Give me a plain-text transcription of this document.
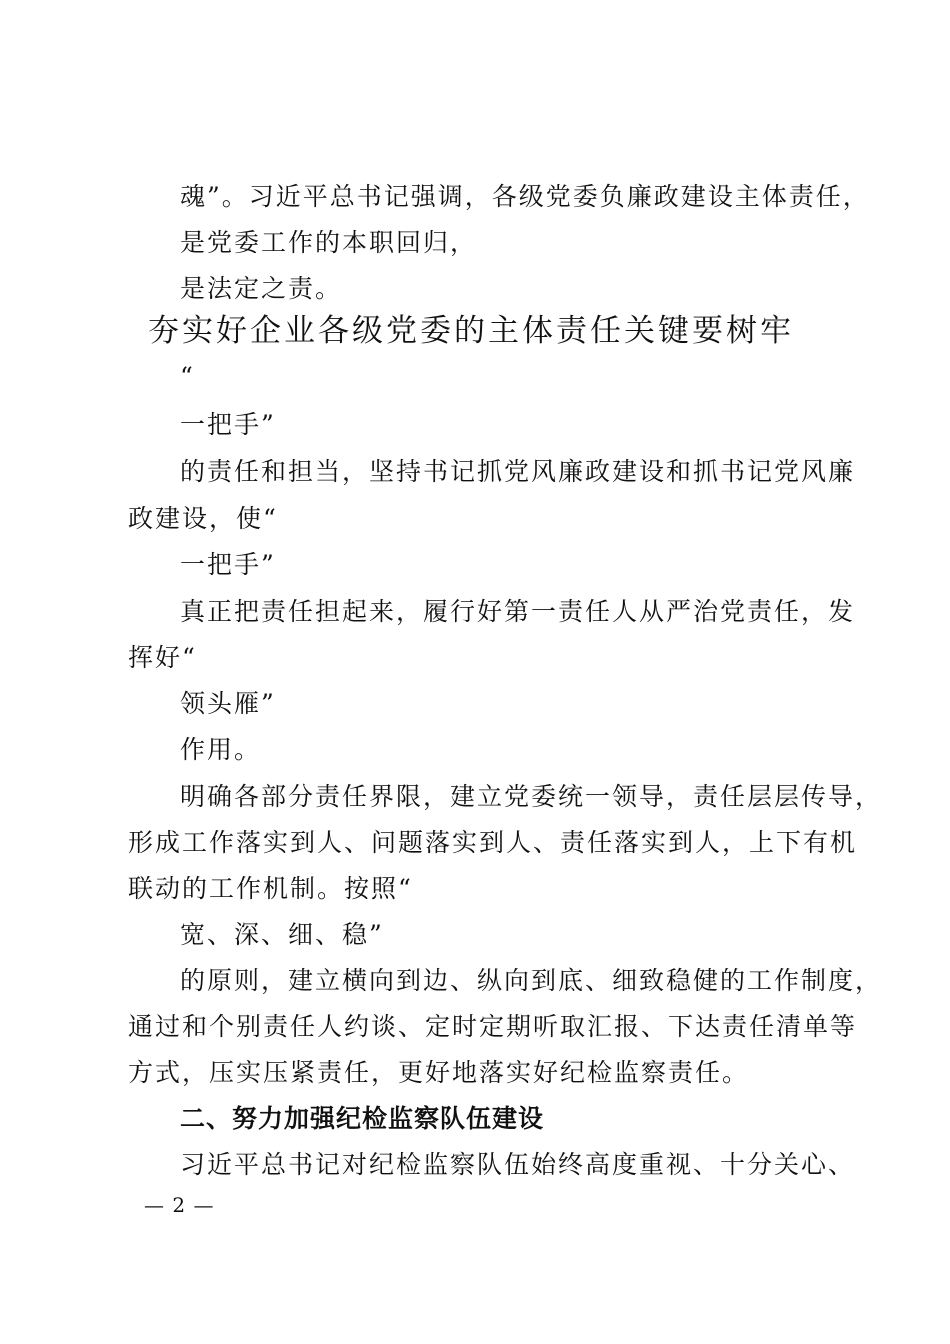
魂”。习近平总书记强调，各级党委负廉政建设主体责任，
是党委工作的本职回归，
是法定之责。
夯实好企业各级党委的主体责任关键要树牢
“
一把手”
的责任和担当，坚持书记抓党风廉政建设和抓书记党风廉
政建设，使“
一把手”
真正把责任担起来，履行好第一责任人从严治党责任，发
挥好“
领头雁”
作用。
明确各部分责任界限，建立党委统一领导，责任层层传导，
形成工作落实到人、问题落实到人、责任落实到人，上下有机
联动的工作机制。按照“
宽、深、细、稳”
的原则，建立横向到边、纵向到底、细致稳健的工作制度，
通过和个别责任人约谈、定时定期听取汇报、下达责任清单等
方式，压实压紧责任，更好地落实好纪检监察责任。
二、努力加强纪检监察队伍建设
习近平总书记对纪检监察队伍始终高度重视、十分关心、
— 2 —
